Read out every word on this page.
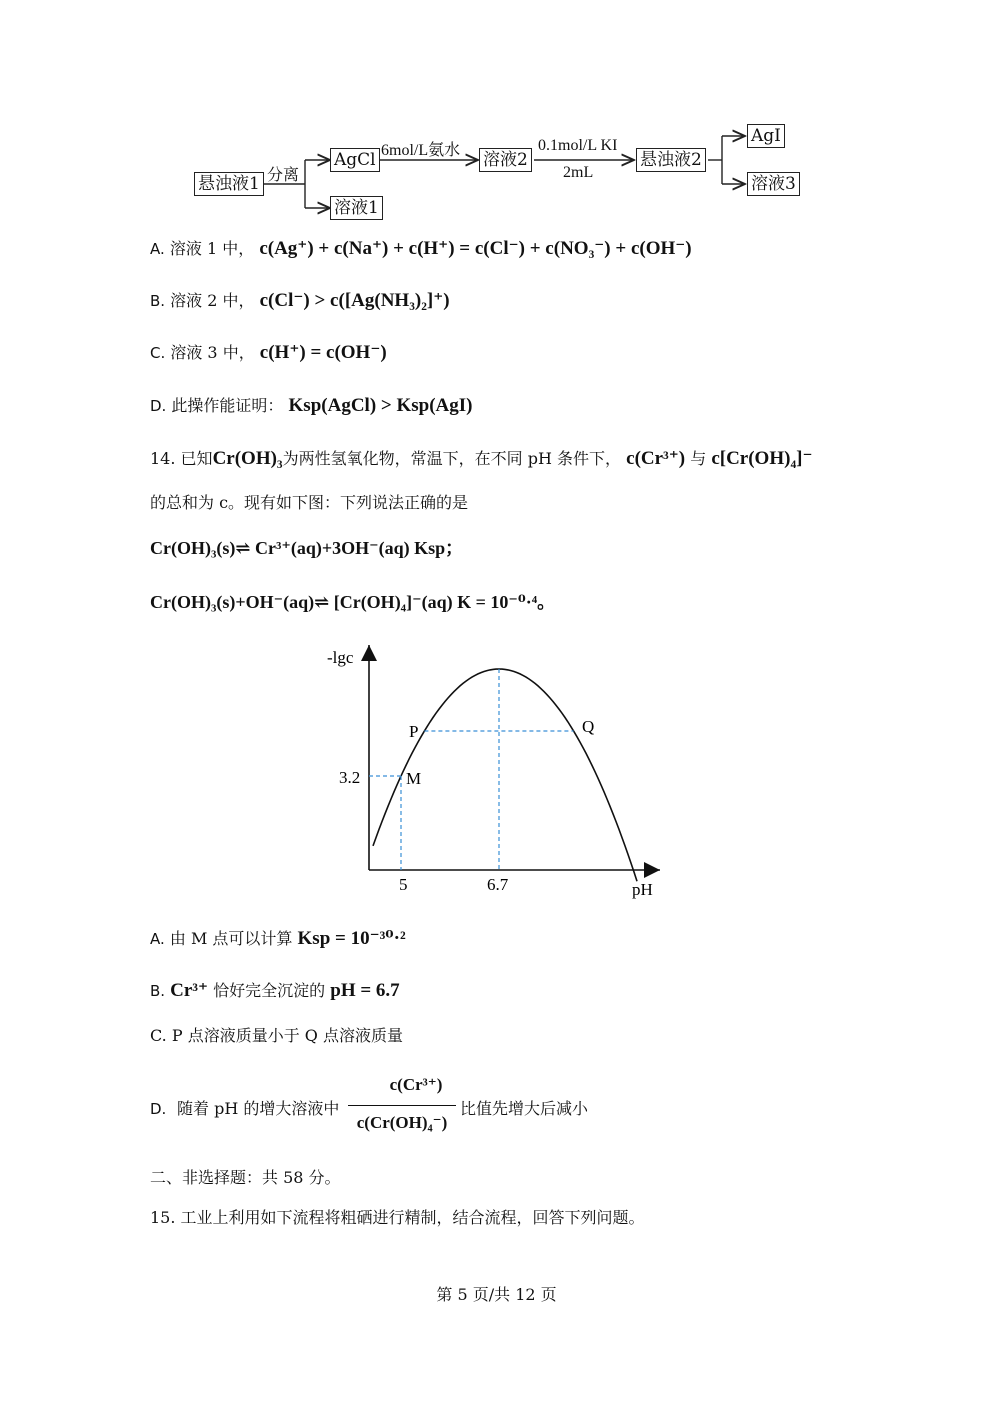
悬浊液1 分离
AgCl
溶液1
6mol/L氨水 溶液2
0.1mol/L KI
2mL
悬浊液2
AgI
溶液3
A. 溶液 1 中， c(Ag⁺) + c(Na⁺) + c(H⁺) = c(Cl⁻) + c(NO₃⁻) + c(OH⁻)
B. 溶液 2 中， c(Cl⁻) > c([Ag(NH₃)₂]⁺)
C. 溶液 3 中， c(H⁺) = c(OH⁻)
D. 此操作能证明： Ksp(AgCl) > Ksp(AgI)
14. 已知Cr(OH)₃为两性氢氧化物，常温下，在不同 pH 条件下， c(Cr³⁺) 与 c[Cr(OH)₄]⁻
的总和为 c。现有如下图：下列说法正确的是
Cr(OH)₃(s)⇌ Cr³⁺(aq)+3OH⁻(aq) Ksp；
Cr(OH)₃(s)+OH⁻(aq)⇌ [Cr(OH)₄]⁻(aq) K = 10⁻⁰·⁴。
-lgc
pH
5	6.7
3.2	M
P	Q
A. 由 M 点可以计算 Ksp = 10⁻³⁰·²
B. Cr³⁺ 恰好完全沉淀的 pH = 6.7
C. P 点溶液质量小于 Q 点溶液质量
D. 随着 pH 的增大溶液中
c(Cr³⁺)
c(Cr(OH)₄⁻)
比值先增大后减小
二、非选择题：共 58 分。
15. 工业上利用如下流程将粗硒进行精制，结合流程，回答下列问题。
第 5 页/共 12 页
